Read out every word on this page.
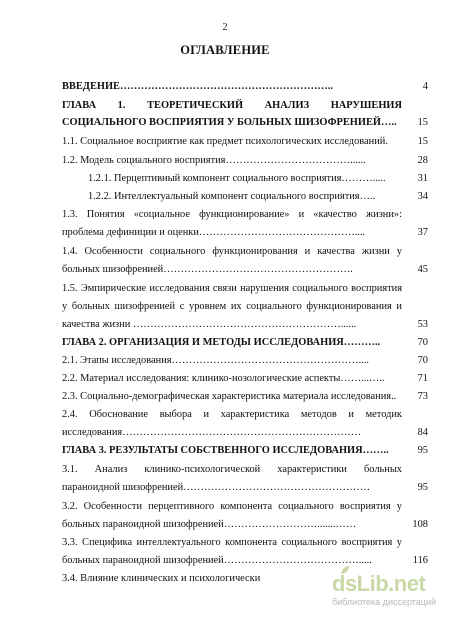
2
ОГЛАВЛЕНИЕ
ВВЕДЕНИЕ……………………………………………………..	4
ГЛАВА 1. ТЕОРЕТИЧЕСКИЙ АНАЛИЗ НАРУШЕНИЯ
СОЦИАЛЬНОГО ВОСПРИЯТИЯ У БОЛЬНЫХ ШИЗОФРЕНИЕЙ…..	15
1.1. Социальное восприятие как предмет психологических исследований.	15
1.2. Модель социального восприятия………………………………......	28
1.2.1. Перцептивный компонент социального восприятия……….....	31
1.2.2. Интеллектуальный компонент социального восприятия…..	34
1.3. Понятия «социальное функционирование» и «качество жизни»:
проблема дефиниции и оценки………………………………………....	37
1.4. Особенности социального функционирования и качества жизни у
больных шизофренией……………………………………………….	45
1.5. Эмпирические исследования связи нарушения социального восприятия
у больных шизофренией с уровнем их социального функционирования и
качества жизни ……………………………………………………......	53
ГЛАВА 2. ОРГАНИЗАЦИЯ И МЕТОДЫ ИССЛЕДОВАНИЯ………..	70
2.1. Этапы исследования………………………………………………....	70
2.2. Материал исследования: клинико-нозологические аспекты……...…..	71
2.3. Социально-демографическая характеристика материала исследования..	73
2.4. Обоснование выбора и характеристика методов и методик
исследования……………………………………………………………	84
ГЛАВА 3. РЕЗУЛЬТАТЫ СОБСТВЕННОГО ИССЛЕДОВАНИЯ……..	95
3.1. Анализ клинико-психологической характеристики больных
параноидной шизофренией………………………………………………	95
3.2. Особенности перцептивного компонента социального восприятия у
больных параноидной шизофренией……………………….......……	108
3.3. Специфика интеллектуального компонента социального восприятия у
больных параноидной шизофренией………………………………….....	116
3.4. Влияние клинических и психологически	dsLib.net
библиотека диссертаций
